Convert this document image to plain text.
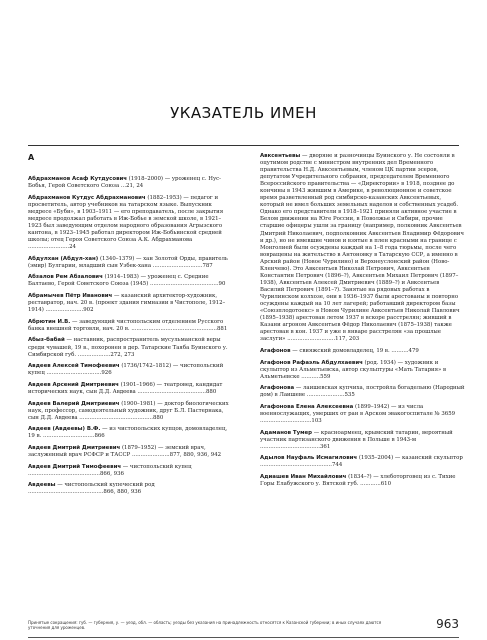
УКАЗАТЕЛЬ ИМЕН
А
Абдрахманов Асаф Кутдусович (1918–2000) — уроженец с. Нус-Бобья, Герой Советского Союза ...21, 24
Абдрахманов Кутдус Абдрахманович (1882–1953) — педагог и просветитель, автор учебников на татарском языке. Выпускник медресе «Буби», в 1903–1911 — его преподаватель, после закрытия медресе продолжал работать в Иж-Бобье в земской школе, в 1921–1923 был заведующим отделом народного образования Агрызского кантона, в 1923–1945 работал директором Иж-Бобьинской средней школы; отец Героя Советского Союза А.К. Абдрахманова ........................24
Абдулхан (Абдул-хан) (1340–1379) — хан Золотой Орды, правитель (эмир) Булгарии, младший сын Узбек-хана .............................787
Абзалов Рем Абзалович (1914–1983) — уроженец с. Средние Балтаево, Герой Советского Союза (1945) ........................................90
Абрамычев Пётр Иванович — казанский архитектор-художник, реставратор, нач. 20 в. (проект здания гимназии в Чистополе, 1912–1914) ......................902
Абрютин И.В. — заведующий чистопольским отделением Русского банка внешней торговли, нач. 20 в. ..................................................881
Абыз-бабай — наставник, распространитель мусульманской веры среди чувашей, 19 в., похоронен в дер. Татарские Таяба Буинского у. Симбирской губ. ...................272, 273
Авдеев Алексей Тимофеевич (1736/1742–1812) — чистопольский купец ................................926
Авдеев Арсений Дмитриевич (1901–1966) — театровед, кандидат исторических наук, сын Д.Д. Авдеева ........................................880
Авдеев Валерий Дмитриевич (1900–1981) — доктор биологических наук, профессор, самодеятельный художник, друг Б.Л. Пастернака, сын Д.Д. Авдеева ...........................................880
Авдеев (Авдеевы) В.Ф. — из чистопольских купцов, домовладелец, 19 в. ..............................866
Авдеев Дмитрий Дмитриевич (1879–1952) — земский врач, заслуженный врач РСФСР и ТАССР ......................877, 880, 936, 942
Авдеев Дмитрий Тимофеевич — чистопольский купец ..........................................866, 936
Авдеевы — чистопольский купеческий род ............................................866, 880, 936
Авксентьевы — дворяне и разночинцы Буинского у. Не состояли в оцутимом родстве с министром внутренних дел Временного правительства Н.Д. Авксентьевым, членом ЦК партии эсеров, депутатом Учредительного собрания, председателем Временного Всероссийского правительства — «Директории» в 1918, позднее до кончины в 1943 жившим в Америке, в революционное и советское время разветвленный род симбирско-казанских Авксентьевых, который не имел больших земельных наделов и собственных усадеб. Однако его представители в 1918–1921 приняли активное участие в Белом движении на Юге России, в Поволжье и Сибири, прочие старшие офицеры ушли за границу (например, полковник Авксентьев Дмитрий Николаевич, подполковник Авксентьев Владимир Фёдорович и др.), но не имевшие чинов и взятые в плен красными на границе с Монголией были осуждены каждый на 1–8 года тюрьмы, после чего вовращены на жительство в Антоновку в Татарскую ССР, а именно в Арский район (Новое Чурилино) и Верхнеуслонский район (Ново-Кленчево). Это Авксентьев Николай Петрович, Авксентьев Константин Петрович (1896–?), Авксентьев Михаил Петрович (1897–1938), Авксентьев Алексей Дмитриевич (1889–?) и Авксентьев Василий Петрович (1891–?). Занятые на рядовых работах в Чурилинском колхозе, они в 1936–1937 были арестованы и повторно осуждены каждый на 10 лет лагерей; работавший директором базы «Союзплодотоекс» в Новом Чурилине Авксентьев Николай Павлович (1895–1938) арестован летом 1937 в вскоре расстрелян; живший в Казани агроном Авксентьев Фёдор Николаевич (1875–1938) также арестован в кон. 1937 и уже в январе расстрелян «за прошлые заслуги» ............................117, 203
Агафонов — свияжский домовладелец, 19 в. ..........479
Агафонов Рафаэль Абдулхаевич (род. 1934) — художник и скульптор из Альметьевска, автор скульптуры «Мать Татария» в Альметьевске ...........559
Агафонова — лаишевская купчиха, постройла богадельню (Народный дом) в Лаишеве ......................535
Агафонова Елена Алексеевна (1899–1942) — из числа военнослужащих, умерших от ран в Арском эвакогоспитале № 3659 ..............................103
Адаманов Тумер — красноармеец, крымский татарин, вероятный участник партизанского движения в Польше в 1943-м ...................................361
Адылов Науфаль Исмагилович (1935–2004) — казанский скульптор ..........................................744
Адиашев Иван Михайлович (1834–?) — хлеботорговец из с. Тихие Горы Елабужского у. Вятской губ. ............610
Принятые сокращения: губ. — губерния, у. — уезд, обл. — область; уезды без указания на принадлежность относятся к Казанской губернии; в иных случаях даются уточнения для уроженцев.	963
